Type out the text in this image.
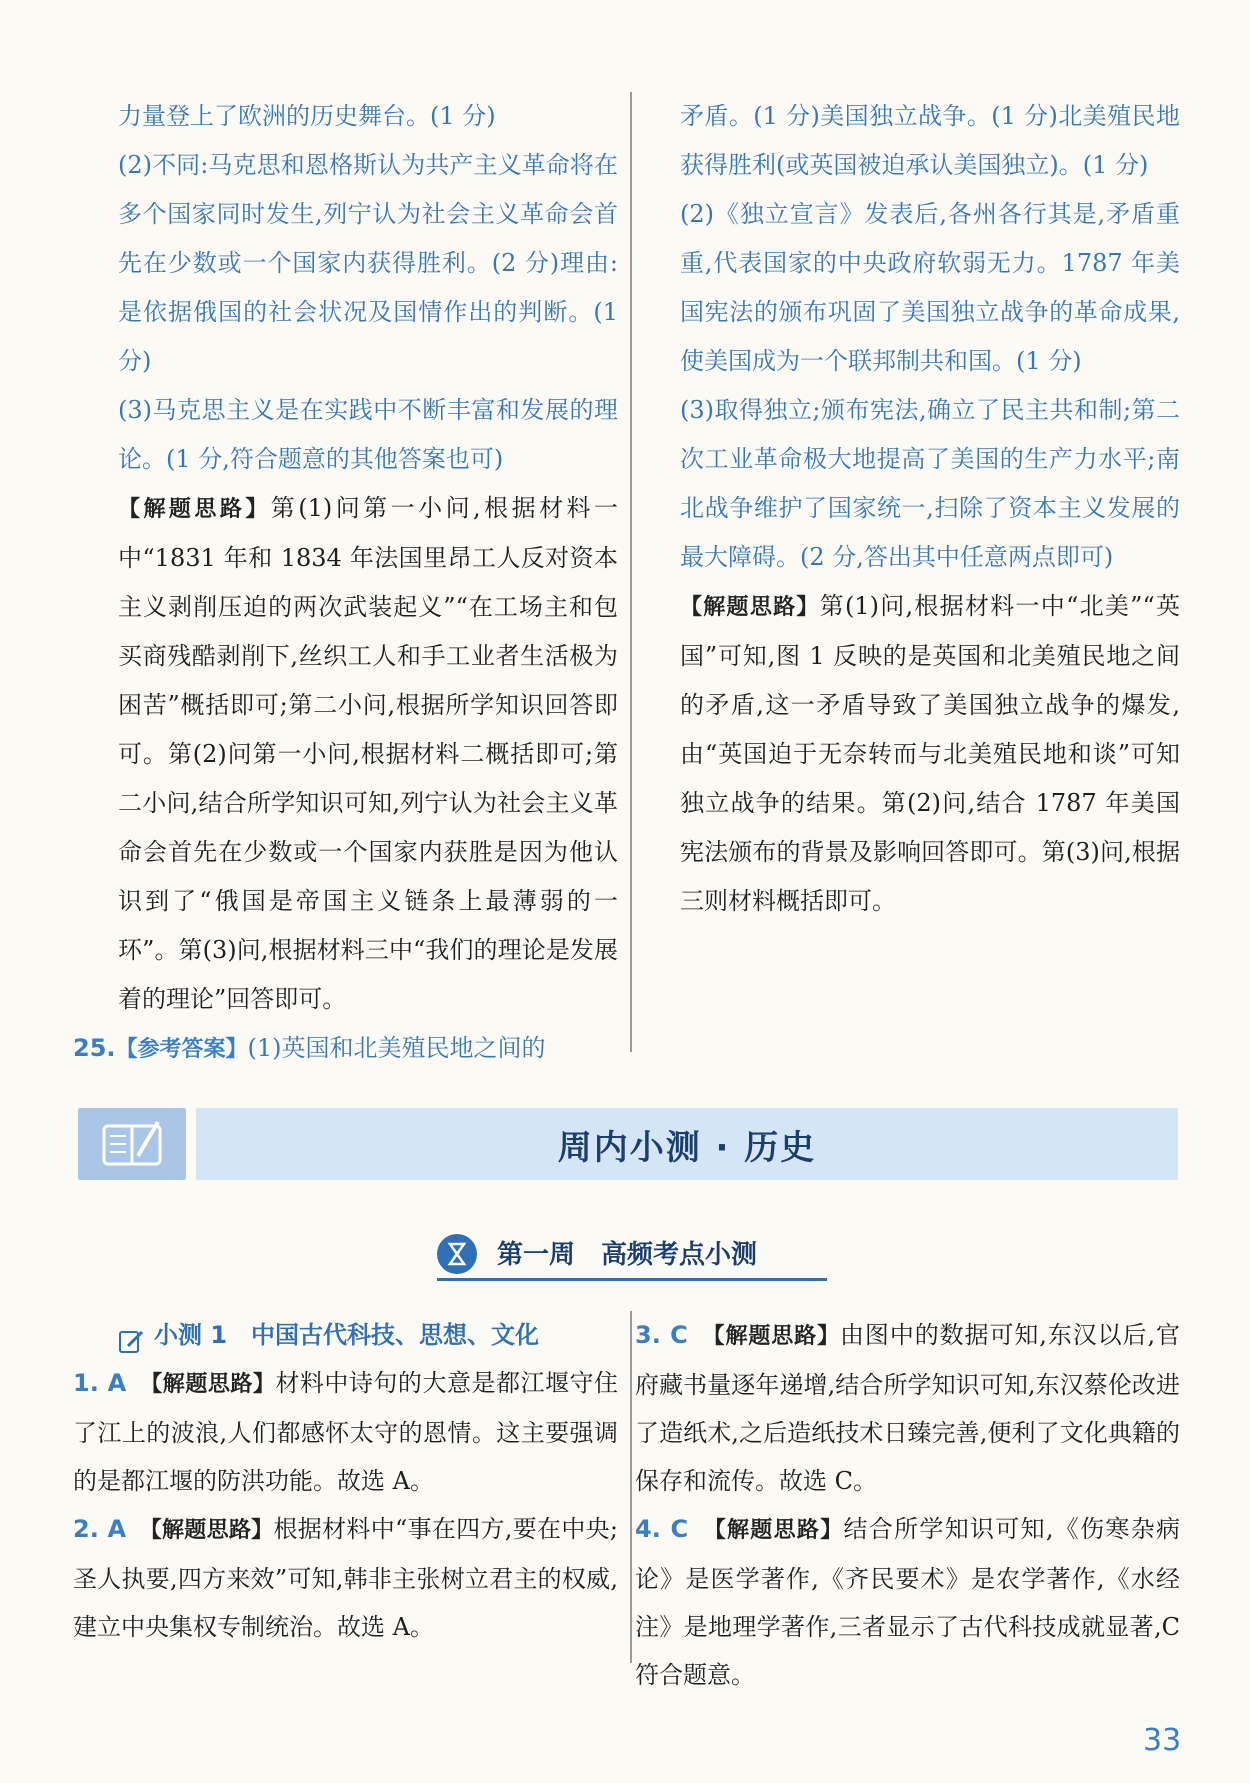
力量登上了欧洲的历史舞台。(1 分)
(2)不同:马克思和恩格斯认为共产主义革命将在多个国家同时发生,列宁认为社会主义革命会首先在少数或一个国家内获得胜利。(2 分)理由:是依据俄国的社会状况及国情作出的判断。(1 分)
(3)马克思主义是在实践中不断丰富和发展的理论。(1 分,符合题意的其他答案也可)
【解题思路】第(1)问第一小问,根据材料一中“1831 年和 1834 年法国里昂工人反对资本主义剥削压迫的两次武装起义”“在工场主和包买商残酷剥削下,丝织工人和手工业者生活极为困苦”概括即可;第二小问,根据所学知识回答即可。第(2)问第一小问,根据材料二概括即可;第二小问,结合所学知识可知,列宁认为社会主义革命会首先在少数或一个国家内获胜是因为他认识到了“俄国是帝国主义链条上最薄弱的一环”。第(3)问,根据材料三中“我们的理论是发展着的理论”回答即可。
25.【参考答案】(1)英国和北美殖民地之间的
矛盾。(1 分)美国独立战争。(1 分)北美殖民地获得胜利(或英国被迫承认美国独立)。(1 分)
(2)《独立宣言》发表后,各州各行其是,矛盾重重,代表国家的中央政府软弱无力。1787 年美国宪法的颁布巩固了美国独立战争的革命成果,使美国成为一个联邦制共和国。(1 分)
(3)取得独立;颁布宪法,确立了民主共和制;第二次工业革命极大地提高了美国的生产力水平;南北战争维护了国家统一,扫除了资本主义发展的最大障碍。(2 分,答出其中任意两点即可)
【解题思路】第(1)问,根据材料一中“北美”“英国”可知,图 1 反映的是英国和北美殖民地之间的矛盾,这一矛盾导致了美国独立战争的爆发,由“英国迫于无奈转而与北美殖民地和谈”可知独立战争的结果。第(2)问,结合 1787 年美国宪法颁布的背景及影响回答即可。第(3)问,根据三则材料概括即可。
周内小测 · 历史
第一周　高频考点小测
小测 1　中国古代科技、思想、文化
1. A　 【解题思路】材料中诗句的大意是都江堰守住了江上的波浪,人们都感怀太守的恩情。这主要强调的是都江堰的防洪功能。故选 A。
2. A　 【解题思路】根据材料中“事在四方,要在中央;圣人执要,四方来效”可知,韩非主张树立君主的权威,建立中央集权专制统治。故选 A。
3. C　 【解题思路】由图中的数据可知,东汉以后,官府藏书量逐年递增,结合所学知识可知,东汉蔡伦改进了造纸术,之后造纸技术日臻完善,便利了文化典籍的保存和流传。故选 C。
4. C　 【解题思路】结合所学知识可知,《伤寒杂病论》是医学著作,《齐民要术》是农学著作,《水经注》是地理学著作,三者显示了古代科技成就显著,C 符合题意。
33
